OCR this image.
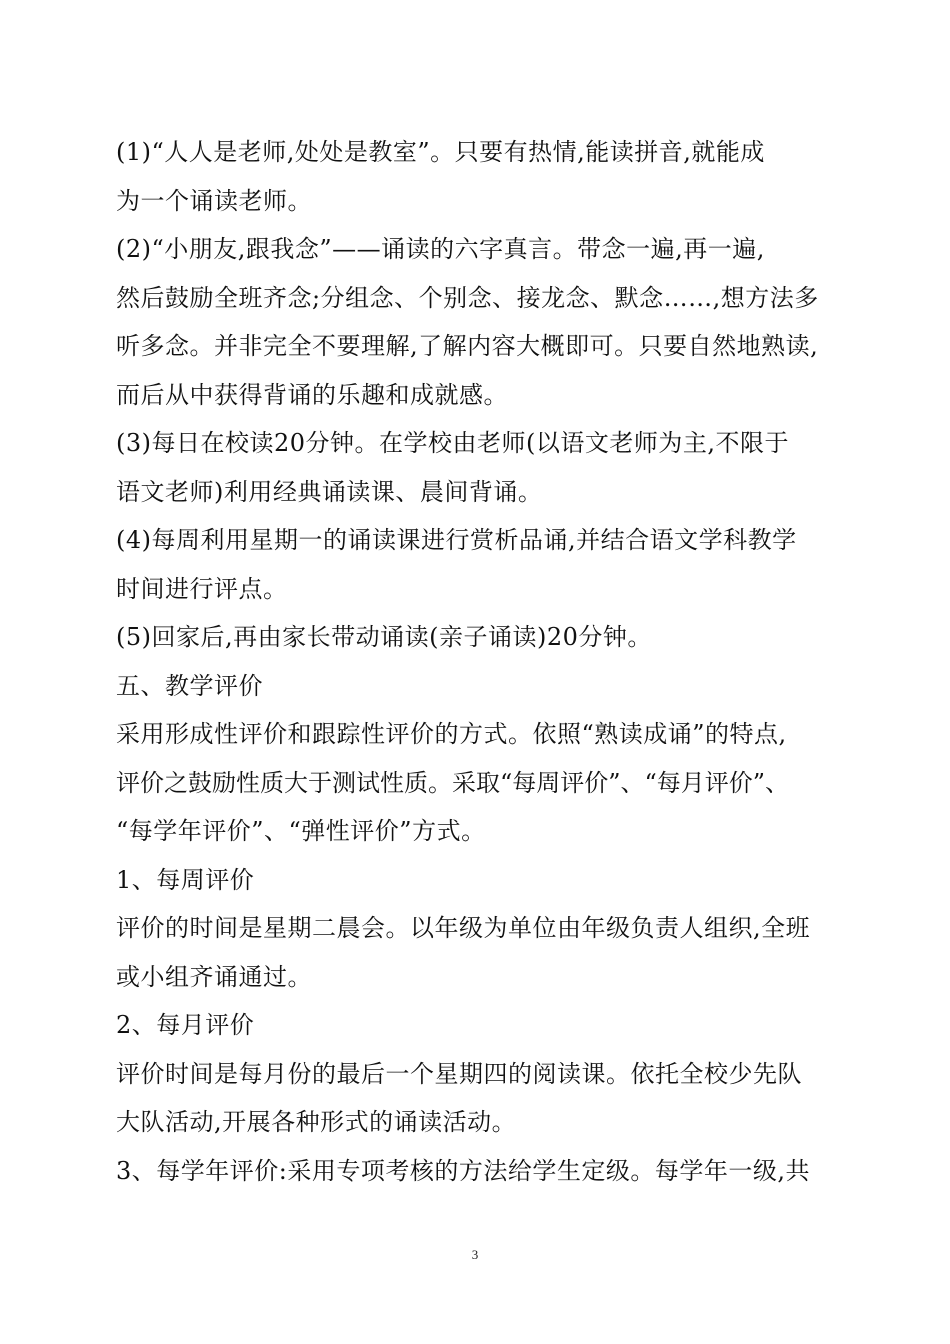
(1)“人人是老师,处处是教室”。只要有热情,能读拼音,就能成
为一个诵读老师。
(2)“小朋友,跟我念”——诵读的六字真言。带念一遍,再一遍,
然后鼓励全班齐念;分组念、个别念、接龙念、默念……,想方法多
听多念。并非完全不要理解,了解内容大概即可。只要自然地熟读,
而后从中获得背诵的乐趣和成就感。
(3)每日在校读20分钟。在学校由老师(以语文老师为主,不限于
语文老师)利用经典诵读课、晨间背诵。
(4)每周利用星期一的诵读课进行赏析品诵,并结合语文学科教学
时间进行评点。
(5)回家后,再由家长带动诵读(亲子诵读)20分钟。
五、教学评价
采用形成性评价和跟踪性评价的方式。依照“熟读成诵”的特点,
评价之鼓励性质大于测试性质。采取“每周评价”、“每月评价”、
“每学年评价”、“弹性评价”方式。
1、每周评价
评价的时间是星期二晨会。以年级为单位由年级负责人组织,全班
或小组齐诵通过。
2、每月评价
评价时间是每月份的最后一个星期四的阅读课。依托全校少先队
大队活动,开展各种形式的诵读活动。
3、每学年评价:采用专项考核的方法给学生定级。每学年一级,共
3
